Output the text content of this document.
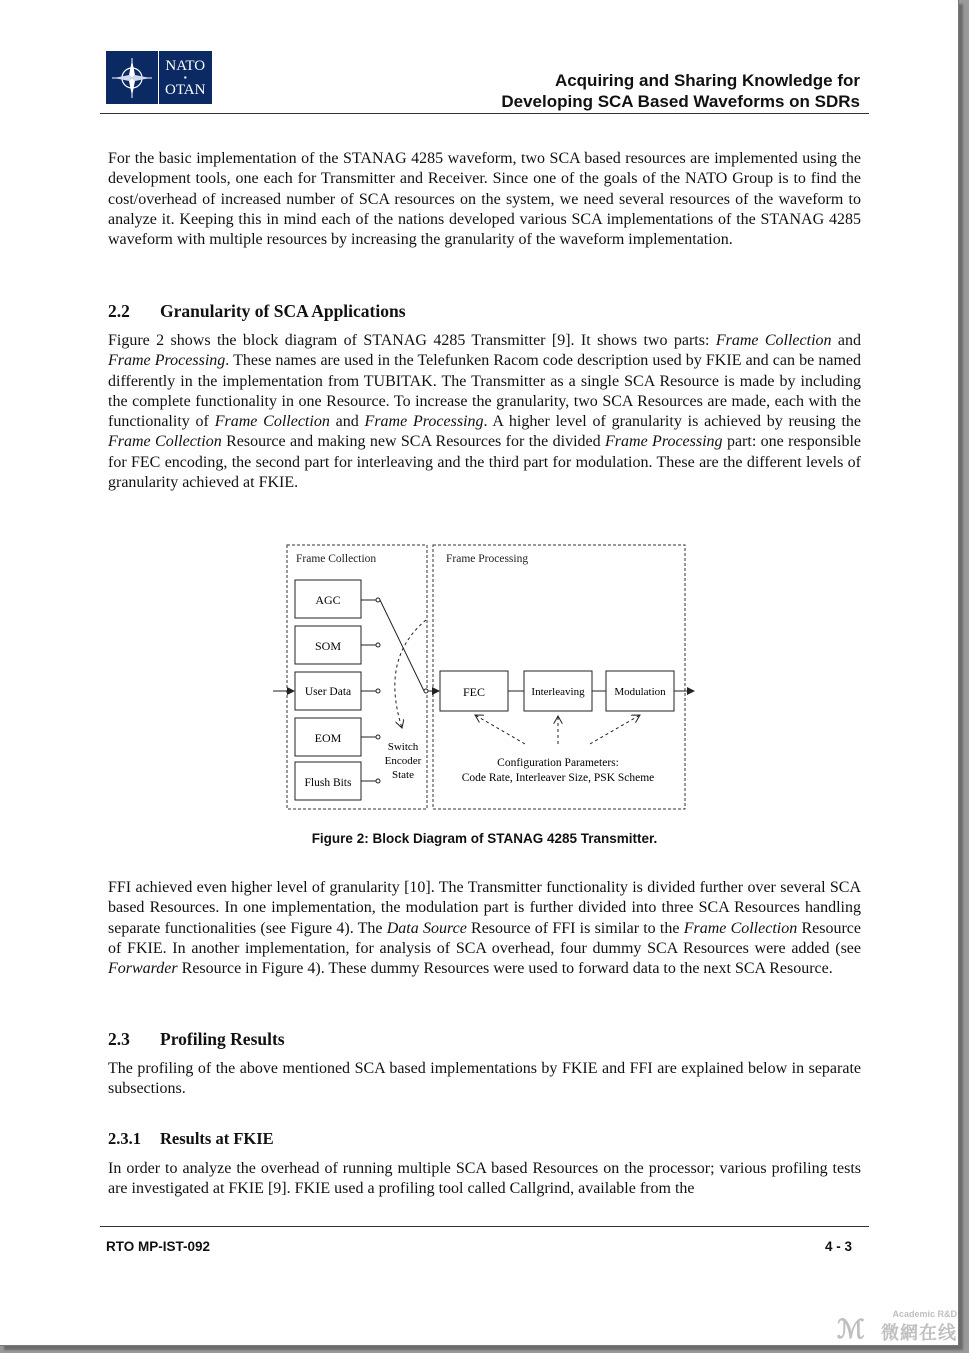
NATO
▪
OTAN	Acquiring and Sharing Knowledge for
Developing SCA Based Waveforms on SDRs

For the basic implementation of the STANAG 4285 waveform, two SCA based resources are implemented using the development tools, one each for Transmitter and Receiver. Since one of the goals of the NATO Group is to find the cost/overhead of increased number of SCA resources on the system, we need several resources of the waveform to analyze it. Keeping this in mind each of the nations developed various SCA implementations of the STANAG 4285 waveform with multiple resources by increasing the granularity of the waveform implementation.

2.2 Granularity of SCA Applications

Figure 2 shows the block diagram of STANAG 4285 Transmitter [9]. It shows two parts: Frame Collection and Frame Processing. These names are used in the Telefunken Racom code description used by FKIE and can be named differently in the implementation from TUBITAK. The Transmitter as a single SCA Resource is made by including the complete functionality in one Resource. To increase the granularity, two SCA Resources are made, each with the functionality of Frame Collection and Frame Processing. A higher level of granularity is achieved by reusing the Frame Collection Resource and making new SCA Resources for the divided Frame Processing part: one responsible for FEC encoding, the second part for interleaving and the third part for modulation. These are the different levels of granularity achieved at FKIE.

Frame Collection	Frame Processing
AGC
SOM
User Data
EOM
Flush Bits
Switch
Encoder
State
FEC	Interleaving	Modulation
Configuration Parameters:
Code Rate, Interleaver Size, PSK Scheme
Figure 2: Block Diagram of STANAG 4285 Transmitter.

FFI achieved even higher level of granularity [10]. The Transmitter functionality is divided further over several SCA based Resources. In one implementation, the modulation part is further divided into three SCA Resources handling separate functionalities (see Figure 4). The Data Source Resource of FFI is similar to the Frame Collection Resource of FKIE. In another implementation, for analysis of SCA overhead, four dummy SCA Resources were added (see Forwarder Resource in Figure 4). These dummy Resources were used to forward data to the next SCA Resource.

2.3 Profiling Results

The profiling of the above mentioned SCA based implementations by FKIE and FFI are explained below in separate subsections.

2.3.1 Results at FKIE

In order to analyze the overhead of running multiple SCA based Resources on the processor; various profiling tests are investigated at FKIE [9]. FKIE used a profiling tool called Callgrind, available from the

RTO MP-IST-092	4 - 3
ℳ	Academic R&D
微網在线
